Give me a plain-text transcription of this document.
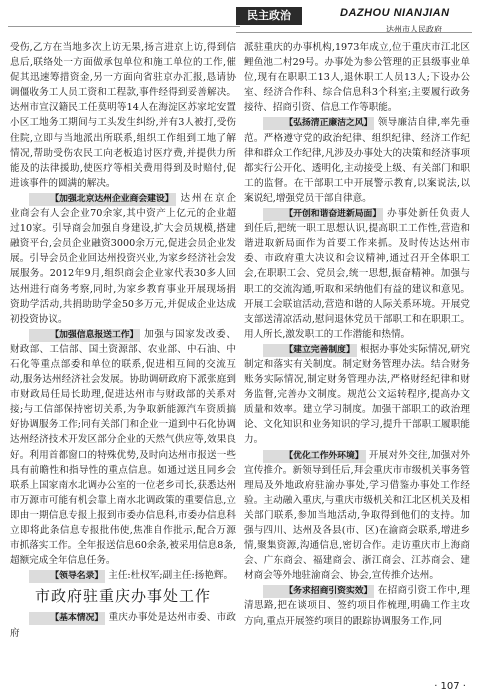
民主政治	DAZHOU NIANJIAN
达州市人民政府

受伤,乙方在当地多次上访无果,扬言进京上访,得到信息后,联络处一方面做承包单位和施工单位的工作,催促其迅速筹措资金,另一方面向省驻京办汇报,恳请协调僵收务工人员工资和工程款,事件经得到妥善解决。达州市宣汉籍民工任莫明等14人在海淀区苏家坨安置小区工地务工期间与工头发生纠纷,并有3人被打,受伤住院,立即与当地派出所联系,组织工作组到工地了解情况,帮助受伤农民工向老板追讨医疗费,并提供力所能及的法律援助,使医疗等相关费用得到及时赔付,促进该事件的圆满的解决。

【加强北京达州企业商会建设】 达州在京企业商会有人会企业70余家,其中资产上亿元的企业超过10家。引导商会加强自身建设,扩大会员规模,搭建融资平台,会员企业融资3000余万元,促进会员企业发展。引导会员企业回达州投资兴业,为家乡经济社会发展服务。2012年9月,组织商会企业家代表30多人回达州进行商务考察,同时,为家乡教育事业开展现场捐资助学活动,共捐助助学金50多万元,并促成企业达成初投资协议。

【加强信息报送工作】 加强与国家发改委、财政部、工信部、国土资源部、农业部、中石油、中石化等重点部委和单位的联系,促进相互间的交流互动,服务达州经济社会发展。协助调研政府下派张庭到市财政局任局长助理,促进达州市与财政部的关系对接;与工信部保持密切关系,为争取新能源汽车资质搞好协调服务工作;同有关部门和企业一道到中石化协调达州经济技术开发区部分企业的天然气供应等,效果良好。利用首都窗口的特殊优势,及时向达州市报送一些具有前瞻性和指导性的重点信息。如通过送且同乡会联系上国家南水北调办公室的一位老乡司长,获悉达州市万源市可能有机会靠上南水北调政策的重要信息,立即由一期信息专报上报到市委办信息科,市委办信息科立即将此条信息专报批伟使,焦准自作批示,配合万源市抓落实工作。全年报送信息60余条,被采用信息8条,超额完成全年信息任务。

【领导名录】 主任:杜权军;副主任:扬艳辉。

市政府驻重庆办事处工作

【基本情况】 重庆办事处是达州市委、市政府

派驻重庆的办事机构,1973年成立,位于重庆市江北区鲤鱼池二村29号。办事处为参公管理的正县级事业单位,现有在职职工13人,退休职工人员13人;下设办公室、经济合作科、综合信息科3个科室;主要履行政务接待、招商引资、信息工作等职能。

【弘扬清正廉洁之风】 领导廉洁自律,率先垂范。严格遵守党的政治纪律、组织纪律、经济工作纪律和群众工作纪律,凡涉及办事处大的决策和经济事项都实行公开化、透明化,主动接受上级、有关部门和职工的监督。在干部职工中开展警示教育,以案说法,以案说纪,增强党员干部自律意。

【开创和谐奋进新局面】 办事处新任负责人到任后,把统一职工思想认识,提高职工工作性,营造和谐进取新局面作为首要工作来抓。及时传达达州市委、市政府重大决议和会议精神,通过召开全体职工会,在职职工会、党员会,统一思想,振奋精神。加强与职工的交流沟通,听取和采纳他们有益的建议和意见。开展工会联谊活动,营造和谐的人际关系环境。开展党支部送清凉活动,慰问退休党员干部职工和在职职工。用人所长,激发职工的工作潜能和热情。

【建立完善制度】 根据办事处实际情况,研究制定和落实有关制度。制定财务管理办法。结合财务账务实际情况,制定财务管理办法,严格财经纪律和财务监督,完善办文制度。规范公文运转程序,提高办文质量和效率。建立学习制度。加强干部职工的政治理论、文化知识和业务知识的学习,提升干部职工履职能力。

【优化工作外环境】 开展对外交往,加强对外宣传推介。新领导到任后,拜会重庆市市级机关事务管理局及外地政府驻渝办事处,学习借鉴办事处工作经验。主动融入重庆,与重庆市级机关和江北区机关及相关部门联系,参加当地活动,争取得到他们的支持。加强与四川、达州及各县(市、区)在渝商会联系,增进乡情,聚集资源,沟通信息,密切合作。走访重庆市上海商会、广东商会、福建商会、浙江商会、江苏商会、建材商会等外地驻渝商会、协会,宣传推介达州。

【务求招商引资实效】 在招商引资工作中,理清思路,把在谈项目、签约项目作梳理,明确工作主攻方向,重点开展签约项目的跟踪协调服务工作,同

· 107 ·
